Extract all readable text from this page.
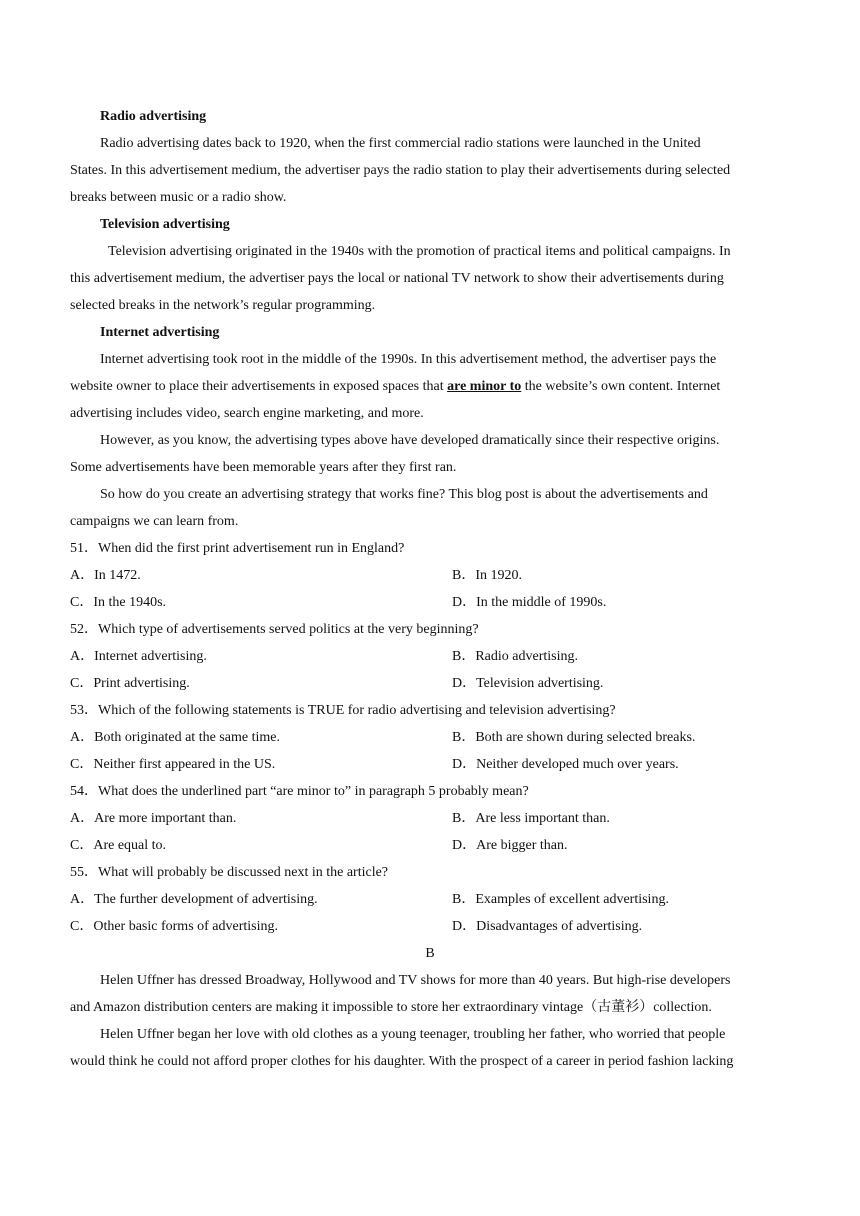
Radio advertising
Radio advertising dates back to 1920, when the first commercial radio stations were launched in the United
States. In this advertisement medium, the advertiser pays the radio station to play their advertisements during selected
breaks between music or a radio show.
Television advertising
Television advertising originated in the 1940s with the promotion of practical items and political campaigns. In
this advertisement medium, the advertiser pays the local or national TV network to show their advertisements during
selected breaks in the network’s regular programming.
Internet advertising
Internet advertising took root in the middle of the 1990s. In this advertisement method, the advertiser pays the
website owner to place their advertisements in exposed spaces that are minor to the website’s own content. Internet
advertising includes video, search engine marketing, and more.
However, as you know, the advertising types above have developed dramatically since their respective origins.
Some advertisements have been memorable years after they first ran.
So how do you create an advertising strategy that works fine? This blog post is about the advertisements and
campaigns we can learn from.
51．When did the first print advertisement run in England?
A．In 1472.	B．In 1920.
C．In the 1940s.	D．In the middle of 1990s.
52．Which type of advertisements served politics at the very beginning?
A．Internet advertising.	B．Radio advertising.
C．Print advertising.	D．Television advertising.
53．Which of the following statements is TRUE for radio advertising and television advertising?
A．Both originated at the same time.	B．Both are shown during selected breaks.
C．Neither first appeared in the US.	D．Neither developed much over years.
54．What does the underlined part “are minor to” in paragraph 5 probably mean?
A．Are more important than.	B．Are less important than.
C．Are equal to.	D．Are bigger than.
55．What will probably be discussed next in the article?
A．The further development of advertising.	B．Examples of excellent advertising.
C．Other basic forms of advertising.	D．Disadvantages of advertising.
B
Helen Uffner has dressed Broadway, Hollywood and TV shows for more than 40 years. But high-rise developers
and Amazon distribution centers are making it impossible to store her extraordinary vintage（古董衫）collection.
Helen Uffner began her love with old clothes as a young teenager, troubling her father, who worried that people
would think he could not afford proper clothes for his daughter. With the prospect of a career in period fashion lacking
